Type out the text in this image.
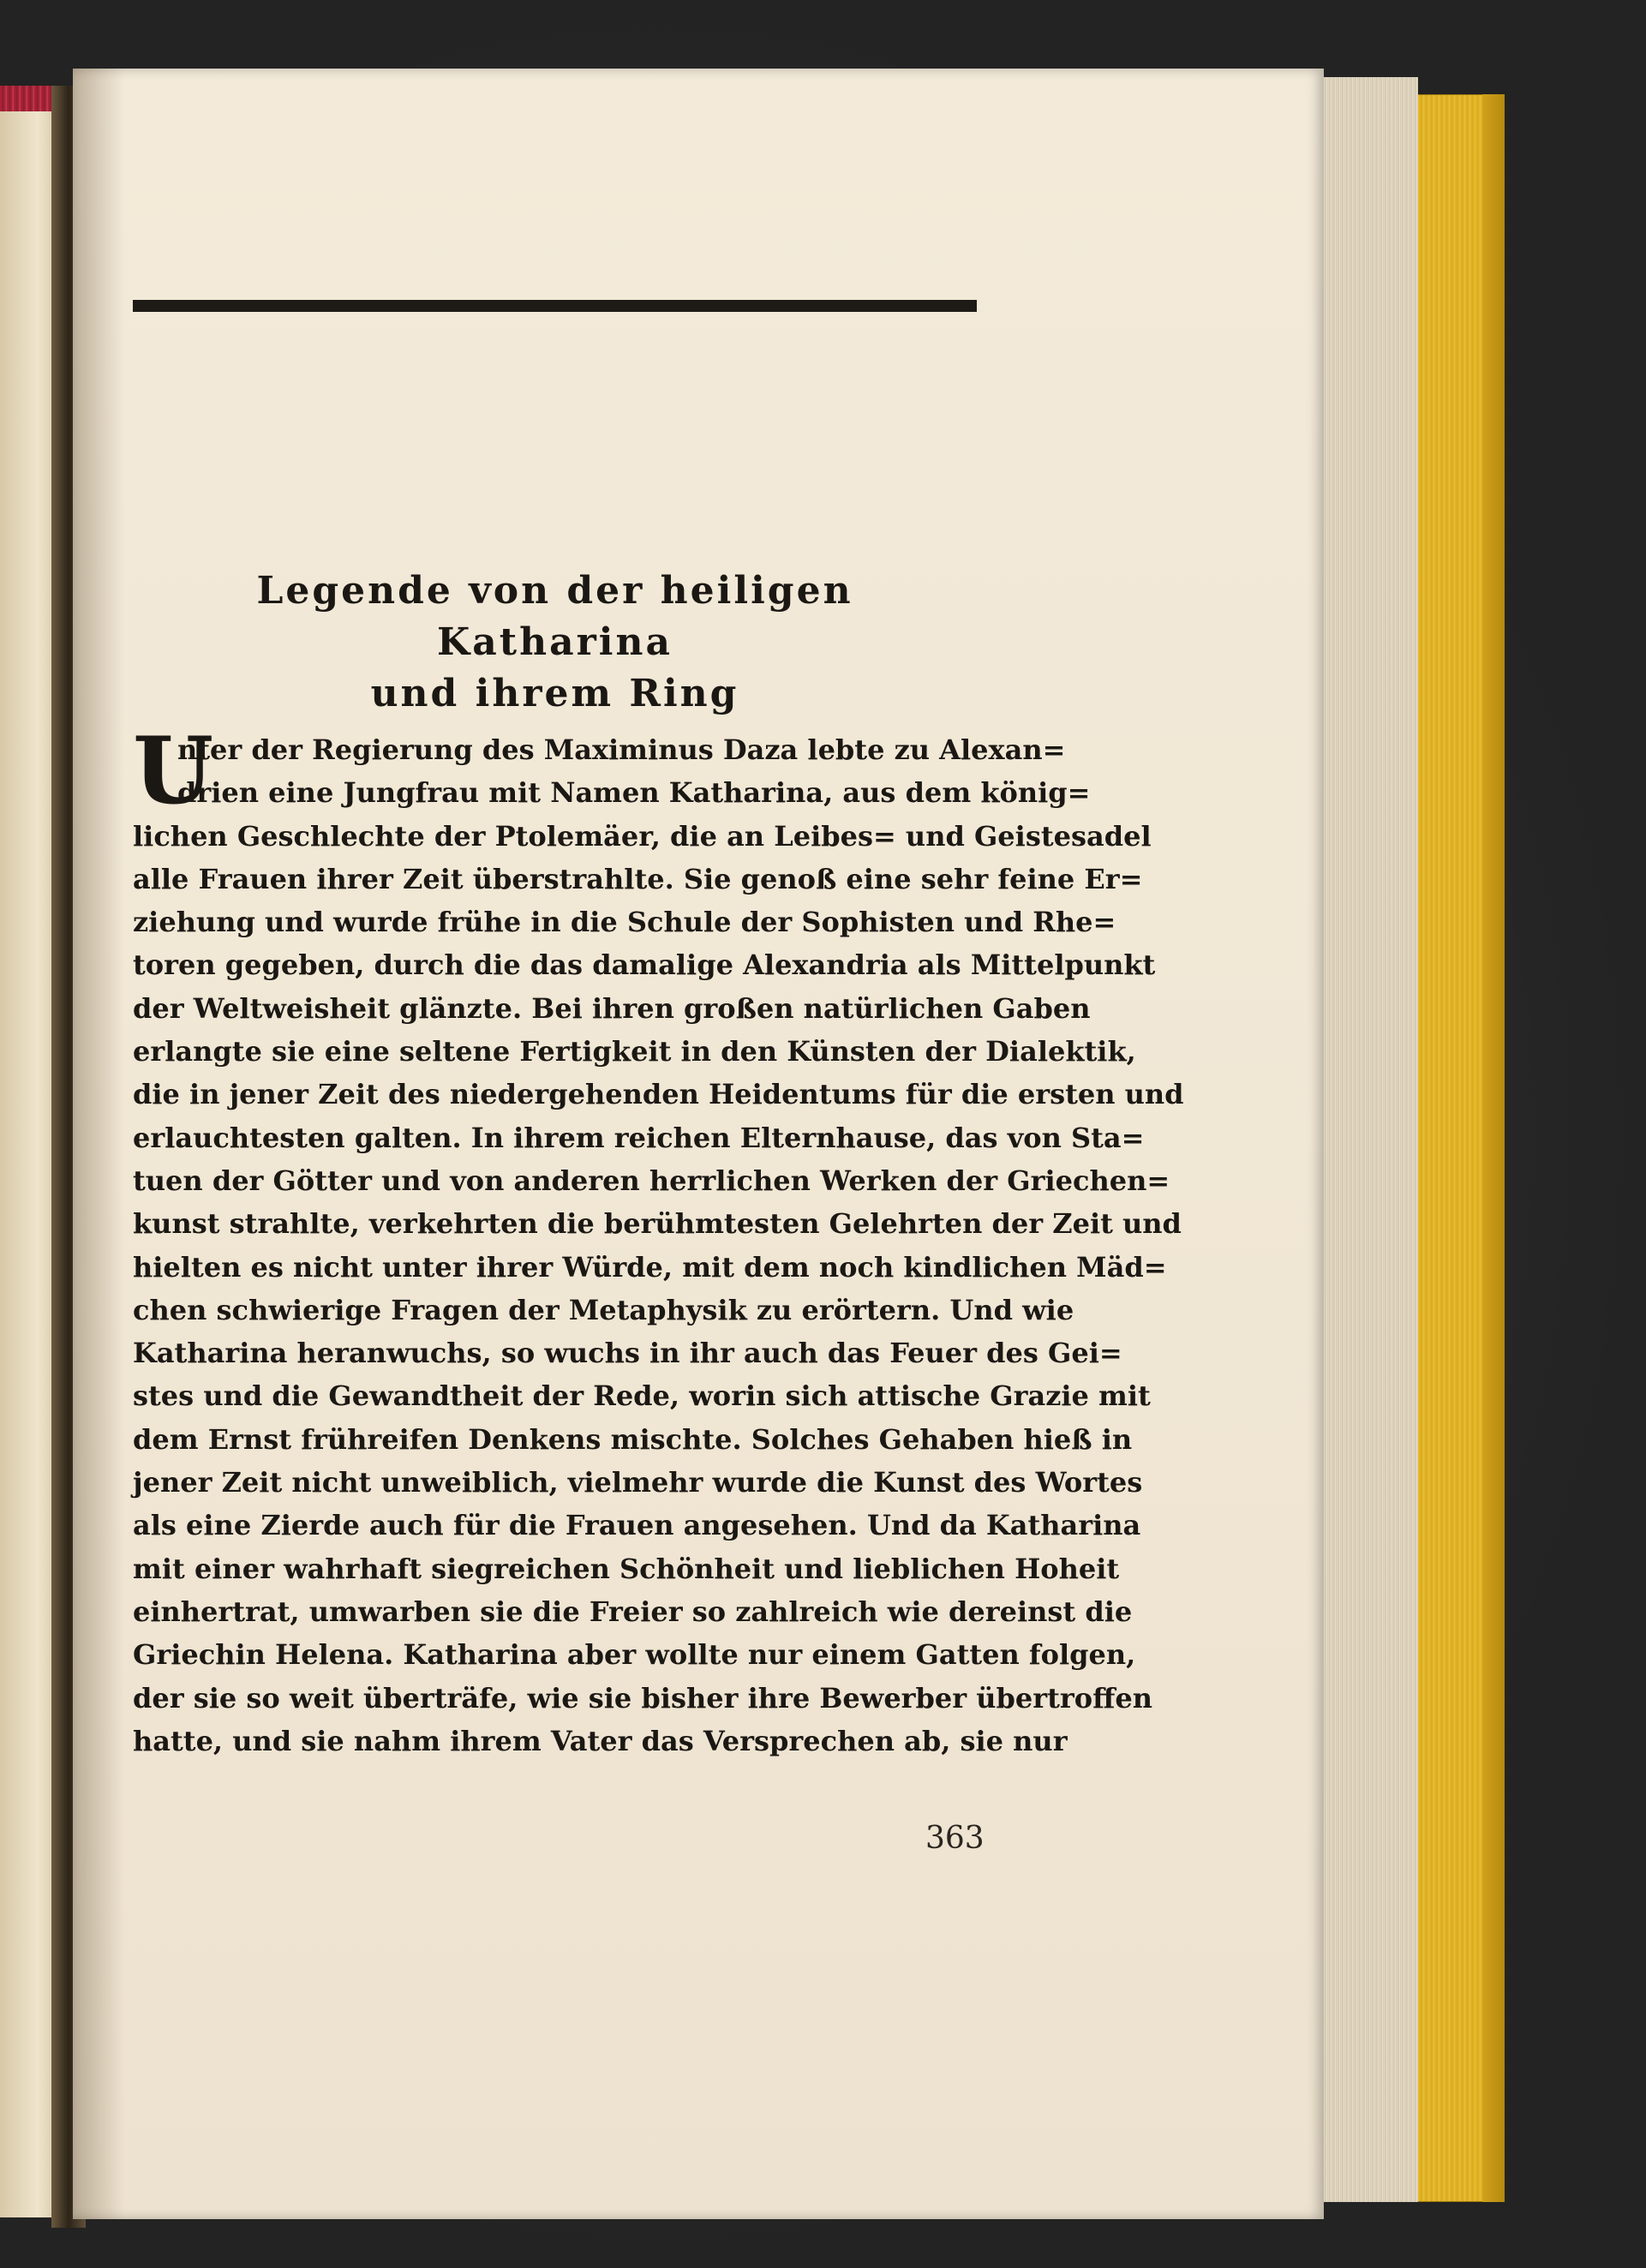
Legende von der heiligen Katharina
und ihrem Ring
U
nter der Regierung des Maximinus Daza lebte zu Alexan=
drien eine Jungfrau mit Namen Katharina, aus dem könig=
lichen Geschlechte der Ptolemäer, die an Leibes= und Geistesadel
alle Frauen ihrer Zeit überstrahlte. Sie genoß eine sehr feine Er=
ziehung und wurde frühe in die Schule der Sophisten und Rhe=
toren gegeben, durch die das damalige Alexandria als Mittelpunkt
der Weltweisheit glänzte. Bei ihren großen natürlichen Gaben
erlangte sie eine seltene Fertigkeit in den Künsten der Dialektik,
die in jener Zeit des niedergehenden Heidentums für die ersten und
erlauchtesten galten. In ihrem reichen Elternhause, das von Sta=
tuen der Götter und von anderen herrlichen Werken der Griechen=
kunst strahlte, verkehrten die berühmtesten Gelehrten der Zeit und
hielten es nicht unter ihrer Würde, mit dem noch kindlichen Mäd=
chen schwierige Fragen der Metaphysik zu erörtern. Und wie
Katharina heranwuchs, so wuchs in ihr auch das Feuer des Gei=
stes und die Gewandtheit der Rede, worin sich attische Grazie mit
dem Ernst frühreifen Denkens mischte. Solches Gehaben hieß in
jener Zeit nicht unweiblich, vielmehr wurde die Kunst des Wortes
als eine Zierde auch für die Frauen angesehen. Und da Katharina
mit einer wahrhaft siegreichen Schönheit und lieblichen Hoheit
einhertrat, umwarben sie die Freier so zahlreich wie dereinst die
Griechin Helena. Katharina aber wollte nur einem Gatten folgen,
der sie so weit überträfe, wie sie bisher ihre Bewerber übertroffen
hatte, und sie nahm ihrem Vater das Versprechen ab, sie nur

363
